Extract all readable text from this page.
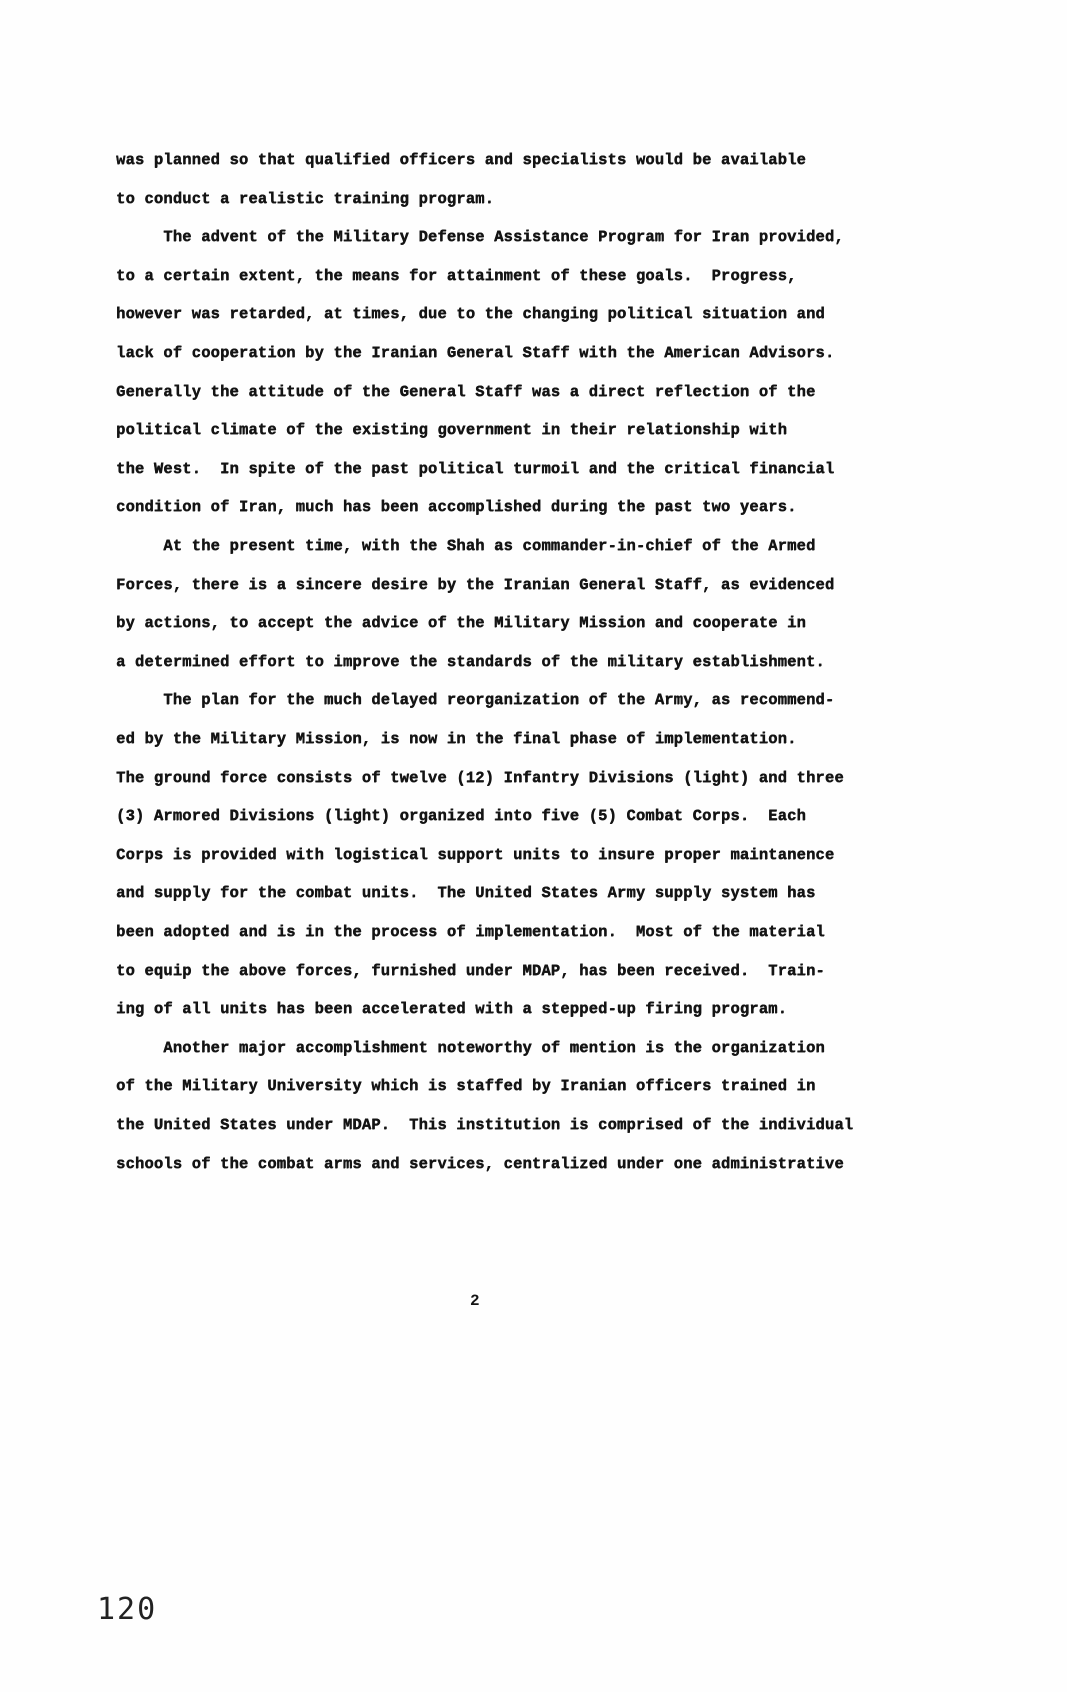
was planned so that qualified officers and specialists would be available
to conduct a realistic training program.
The advent of the Military Defense Assistance Program for Iran provided,
to a certain extent, the means for attainment of these goals.  Progress,
however was retarded, at times, due to the changing political situation and
lack of cooperation by the Iranian General Staff with the American Advisors.
Generally the attitude of the General Staff was a direct reflection of the
political climate of the existing government in their relationship with
the West.  In spite of the past political turmoil and the critical financial
condition of Iran, much has been accomplished during the past two years.
At the present time, with the Shah as commander-in-chief of the Armed
Forces, there is a sincere desire by the Iranian General Staff, as evidenced
by actions, to accept the advice of the Military Mission and cooperate in
a determined effort to improve the standards of the military establishment.
The plan for the much delayed reorganization of the Army, as recommend-
ed by the Military Mission, is now in the final phase of implementation.
The ground force consists of twelve (12) Infantry Divisions (light) and three
(3) Armored Divisions (light) organized into five (5) Combat Corps.  Each
Corps is provided with logistical support units to insure proper maintanence
and supply for the combat units.  The United States Army supply system has
been adopted and is in the process of implementation.  Most of the material
to equip the above forces, furnished under MDAP, has been received.  Train-
ing of all units has been accelerated with a stepped-up firing program.
Another major accomplishment noteworthy of mention is the organization
of the Military University which is staffed by Iranian officers trained in
the United States under MDAP.  This institution is comprised of the individual
schools of the combat arms and services, centralized under one administrative
2
120
